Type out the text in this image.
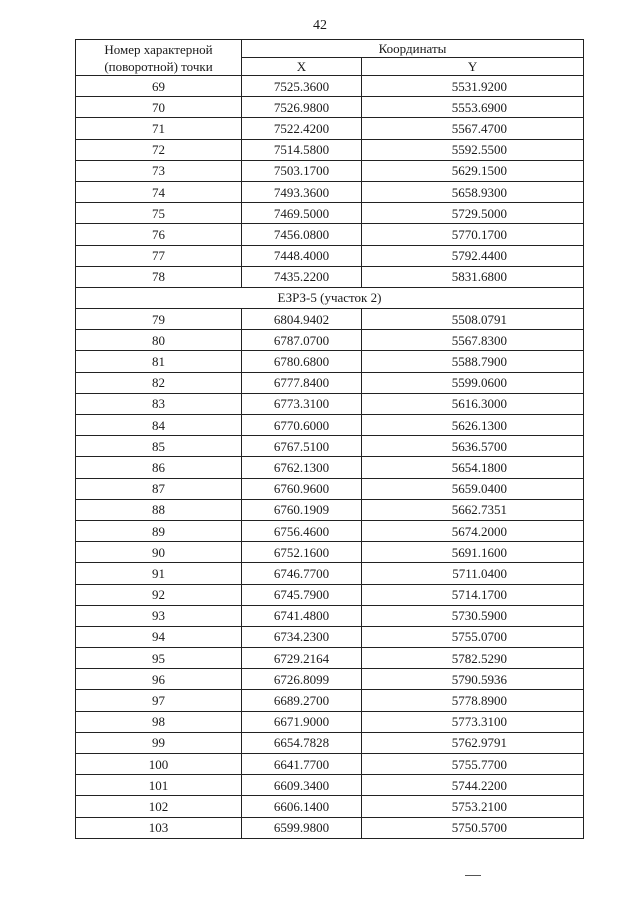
42
Номер характерной (поворотной) точки	Координаты	
	X	Y
69	7525.3600	5531.9200
70	7526.9800	5553.6900
71	7522.4200	5567.4700
72	7514.5800	5592.5500
73	7503.1700	5629.1500
74	7493.3600	5658.9300
75	7469.5000	5729.5000
76	7456.0800	5770.1700
77	7448.4000	5792.4400
78	7435.2200	5831.6800
ЕЗРЗ-5 (участок 2)		
79	6804.9402	5508.0791
80	6787.0700	5567.8300
81	6780.6800	5588.7900
82	6777.8400	5599.0600
83	6773.3100	5616.3000
84	6770.6000	5626.1300
85	6767.5100	5636.5700
86	6762.1300	5654.1800
87	6760.9600	5659.0400
88	6760.1909	5662.7351
89	6756.4600	5674.2000
90	6752.1600	5691.1600
91	6746.7700	5711.0400
92	6745.7900	5714.1700
93	6741.4800	5730.5900
94	6734.2300	5755.0700
95	6729.2164	5782.5290
96	6726.8099	5790.5936
97	6689.2700	5778.8900
98	6671.9000	5773.3100
99	6654.7828	5762.9791
100	6641.7700	5755.7700
101	6609.3400	5744.2200
102	6606.1400	5753.2100
103	6599.9800	5750.5700
